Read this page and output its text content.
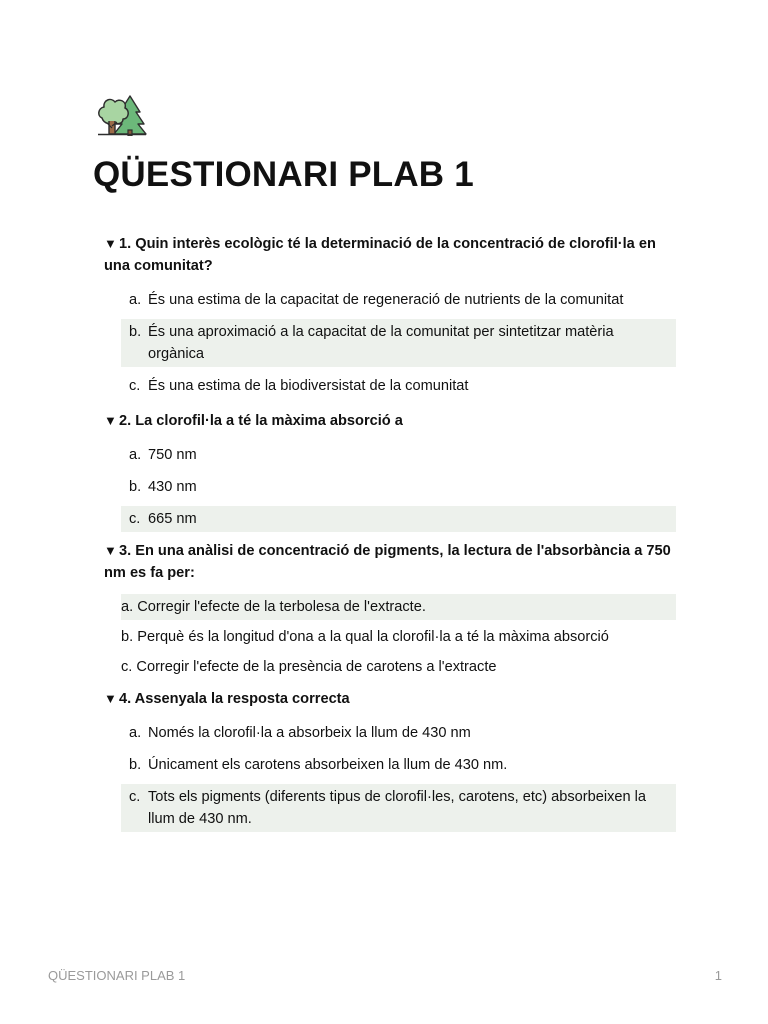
QÜESTIONARI PLAB 1

▼ 1. Quin interès ecològic té la determinació de la concentració de clorofil·la en una comunitat?

a. És una estima de la capacitat de regeneració de nutrients de la comunitat
b. És una aproximació a la capacitat de la comunitat per sintetitzar matèria orgànica
c. És una estima de la biodiversistat de la comunitat

▼ 2. La clorofil·la a té la màxima absorció a

a. 750 nm
b. 430 nm
c. 665 nm

▼ 3. En una anàlisi de concentració de pigments, la lectura de l'absorbància a 750 nm es fa per:

a. Corregir l'efecte de la terbolesa de l'extracte.
b. Perquè és la longitud d'ona a la qual la clorofil·la a té la màxima absorció
c. Corregir l'efecte de la presència de carotens a l'extracte

▼ 4. Assenyala la resposta correcta

a. Només la clorofil·la a absorbeix la llum de 430 nm
b. Únicament els carotens absorbeixen la llum de 430 nm.
c. Tots els pigments (diferents tipus de clorofil·les, carotens, etc) absorbeixen la llum de 430 nm.
QÜESTIONARI PLAB 1	1
